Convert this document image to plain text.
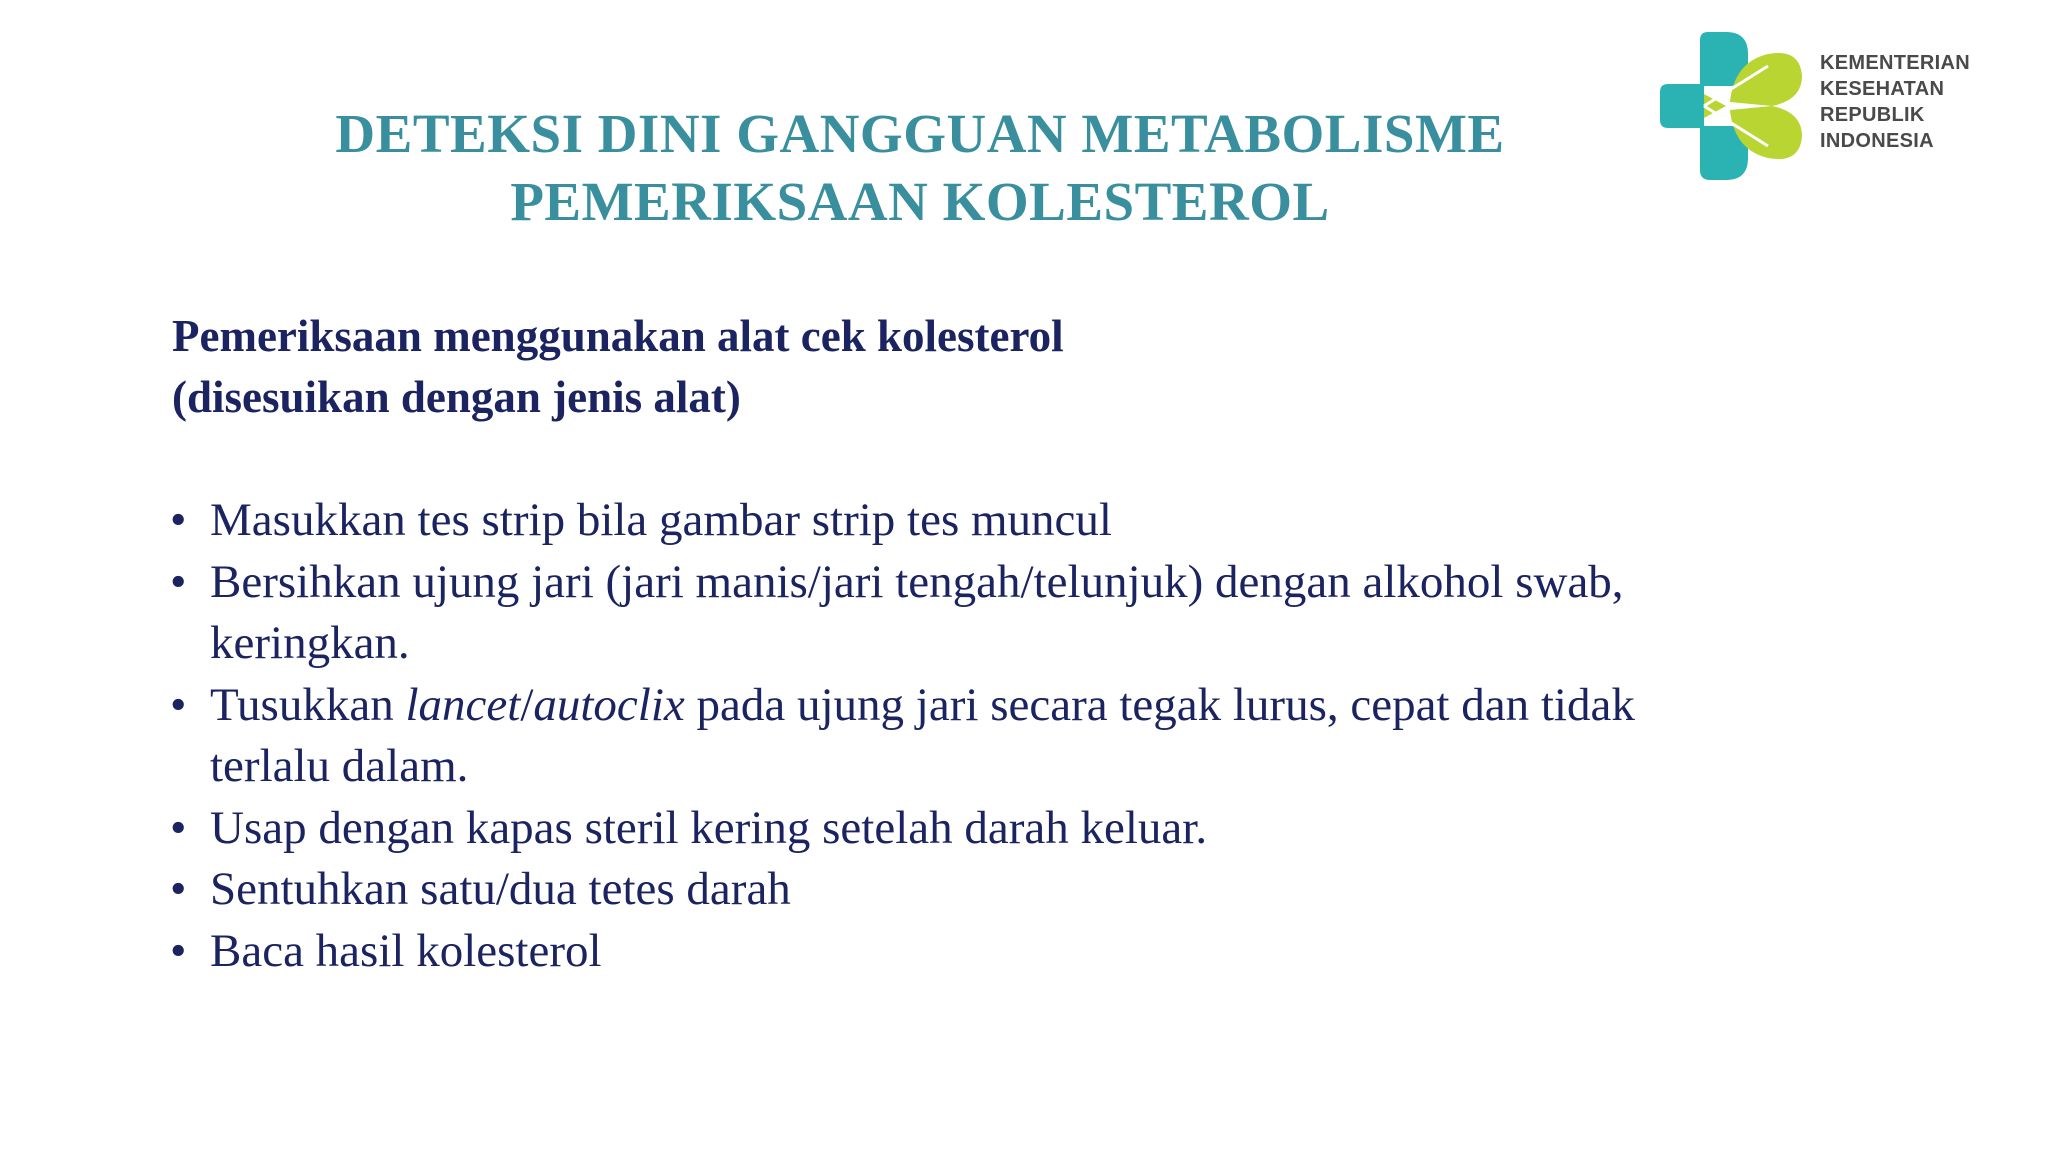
DETEKSI DINI GANGGUAN METABOLISME
PEMERIKSAAN KOLESTEROL
KEMENTERIAN
KESEHATAN
REPUBLIK
INDONESIA
Pemeriksaan menggunakan alat cek kolesterol
(disesuikan dengan jenis alat)
• Masukkan tes strip bila gambar strip tes muncul
• Bersihkan ujung jari (jari manis/jari tengah/telunjuk) dengan alkohol swab,
keringkan.
• Tusukkan lancet/autoclix pada ujung jari secara tegak lurus, cepat dan tidak
terlalu dalam.
• Usap dengan kapas steril kering setelah darah keluar.
• Sentuhkan satu/dua tetes darah
• Baca hasil kolesterol
